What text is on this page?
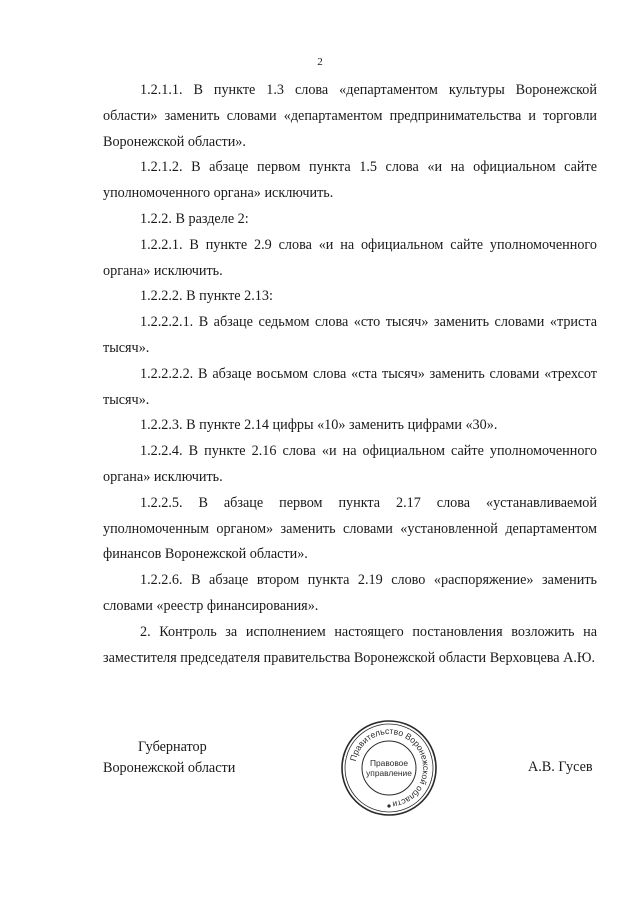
2

1.2.1.1. В пункте 1.3 слова «департаментом культуры Воронежской области» заменить словами «департаментом предпринимательства и торговли Воронежской области».

1.2.1.2. В абзаце первом пункта 1.5 слова «и на официальном сайте уполномоченного органа» исключить.

1.2.2. В разделе 2:

1.2.2.1. В пункте 2.9 слова «и на официальном сайте уполномоченного органа» исключить.

1.2.2.2. В пункте 2.13:

1.2.2.2.1. В абзаце седьмом слова «сто тысяч» заменить словами «триста тысяч».

1.2.2.2.2. В абзаце восьмом слова «ста тысяч» заменить словами «трехсот тысяч».

1.2.2.3. В пункте 2.14 цифры «10» заменить цифрами «30».

1.2.2.4. В пункте 2.16 слова «и на официальном сайте уполномоченного органа» исключить.

1.2.2.5. В абзаце первом пункта 2.17 слова «устанавливаемой уполномоченным органом» заменить словами «установленной департаментом финансов Воронежской области».

1.2.2.6. В абзаце втором пункта 2.19 слово «распоряжение» заменить словами «реестр финансирования».

2. Контроль за исполнением настоящего постановления возложить на заместителя председателя правительства Воронежской области Верховцева А.Ю.

Губернатор
Воронежской области
Правительство Воронежской области
Правовое
управление	А.В. Гусев
